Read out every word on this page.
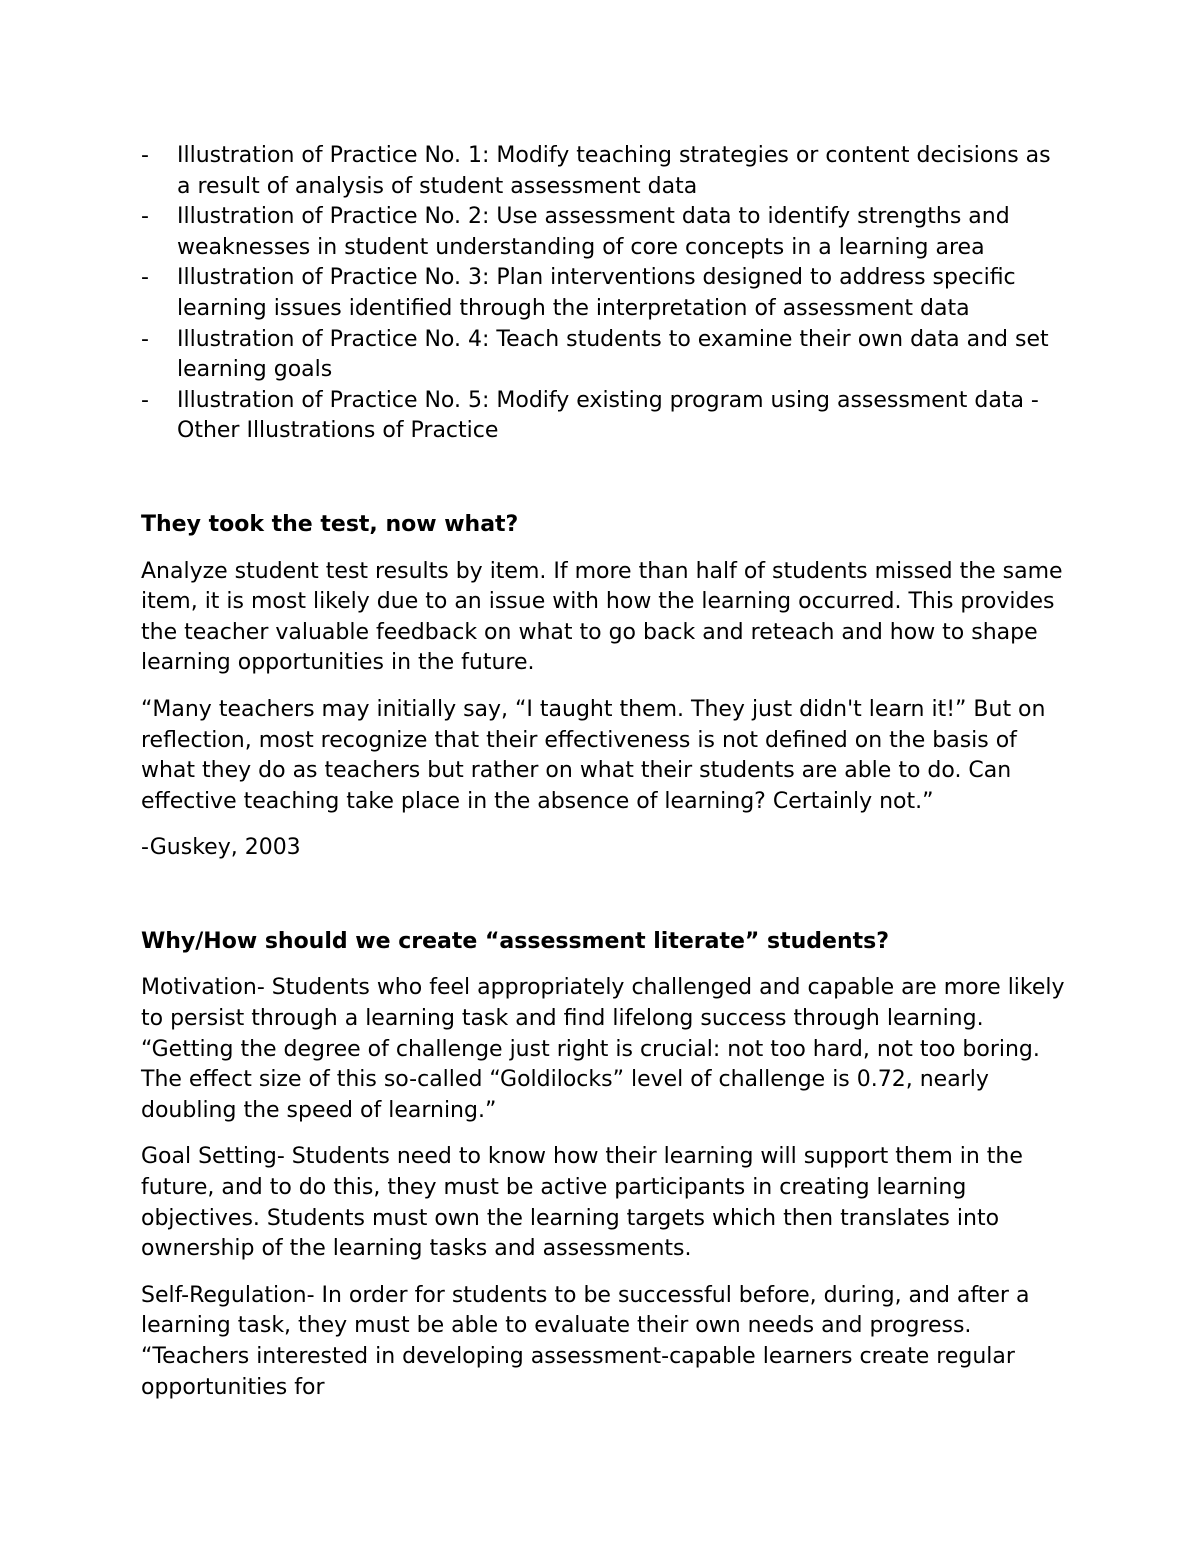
- Illustration of Practice No. 1: Modify teaching strategies or content decisions as a result of analysis of student assessment data
- Illustration of Practice No. 2: Use assessment data to identify strengths and weaknesses in student understanding of core concepts in a learning area
- Illustration of Practice No. 3: Plan interventions designed to address specific learning issues identified through the interpretation of assessment data
- Illustration of Practice No. 4: Teach students to examine their own data and set learning goals
- Illustration of Practice No. 5: Modify existing program using assessment data - Other Illustrations of Practice
They took the test, now what?

Analyze student test results by item. If more than half of students missed the same item, it is most likely due to an issue with how the learning occurred. This provides the teacher valuable feedback on what to go back and reteach and how to shape learning opportunities in the future.

“Many teachers may initially say, “I taught them. They just didn't learn it!” But on reflection, most recognize that their effectiveness is not defined on the basis of what they do as teachers but rather on what their students are able to do. Can effective teaching take place in the absence of learning? Certainly not.”

-Guskey, 2003

Why/How should we create “assessment literate” students?

Motivation- Students who feel appropriately challenged and capable are more likely to persist through a learning task and find lifelong success through learning. “Getting the degree of challenge just right is crucial: not too hard, not too boring. The effect size of this so-called “Goldilocks” level of challenge is 0.72, nearly doubling the speed of learning.”

Goal Setting- Students need to know how their learning will support them in the future, and to do this, they must be active participants in creating learning objectives. Students must own the learning targets which then translates into ownership of the learning tasks and assessments.

Self-Regulation- In order for students to be successful before, during, and after a learning task, they must be able to evaluate their own needs and progress. “Teachers interested in developing assessment-capable learners create regular opportunities for
